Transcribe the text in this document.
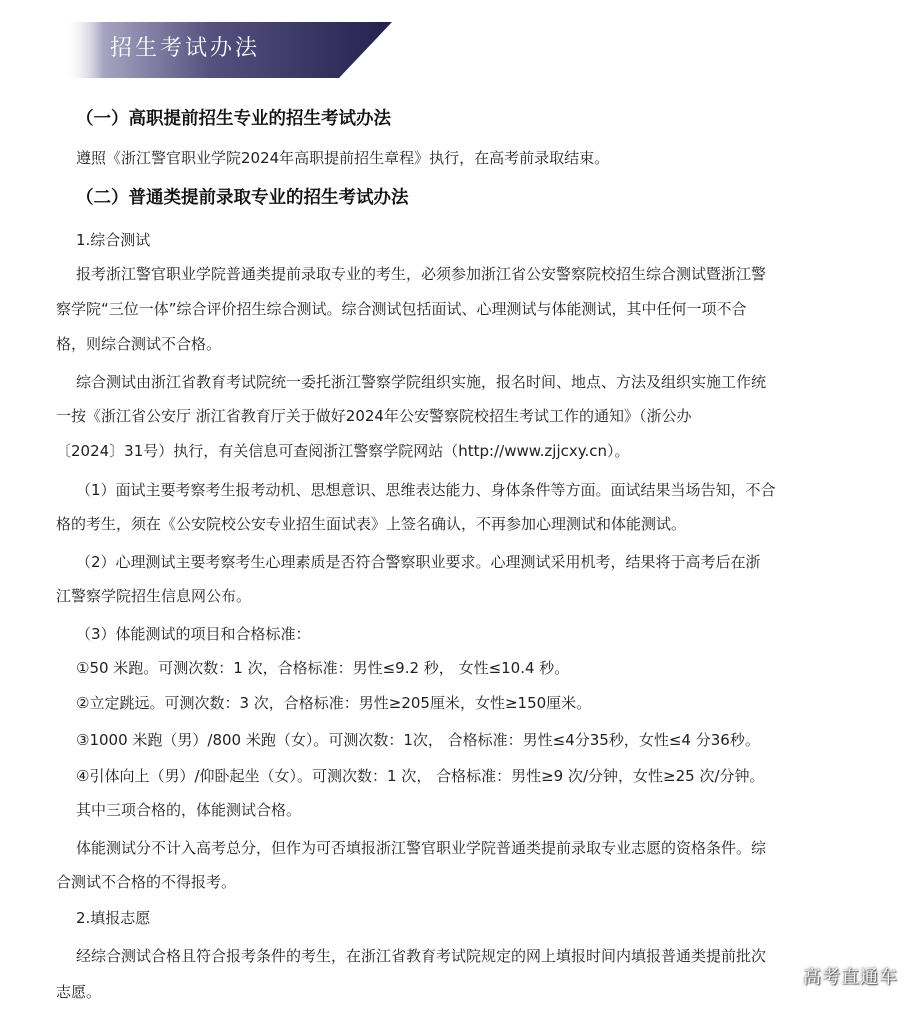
招生考试办法
（一）高职提前招生专业的招生考试办法
遵照《浙江警官职业学院2024年高职提前招生章程》执行，在高考前录取结束。
（二）普通类提前录取专业的招生考试办法
1.综合测试
报考浙江警官职业学院普通类提前录取专业的考生，必须参加浙江省公安警察院校招生综合测试暨浙江警
察学院“三位一体”综合评价招生综合测试。综合测试包括面试、心理测试与体能测试，其中任何一项不合
格，则综合测试不合格。
综合测试由浙江省教育考试院统一委托浙江警察学院组织实施，报名时间、地点、方法及组织实施工作统
一按《浙江省公安厅 浙江省教育厅关于做好2024年公安警察院校招生考试工作的通知》（浙公办
〔2024〕31号）执行，有关信息可查阅浙江警察学院网站（http://www.zjjcxy.cn）。
（1）面试主要考察考生报考动机、思想意识、思维表达能力、身体条件等方面。面试结果当场告知，不合
格的考生，须在《公安院校公安专业招生面试表》上签名确认，不再参加心理测试和体能测试。
（2）心理测试主要考察考生心理素质是否符合警察职业要求。心理测试采用机考，结果将于高考后在浙
江警察学院招生信息网公布。
（3）体能测试的项目和合格标准：
①50 米跑。可测次数：1 次，合格标准：男性≤9.2 秒， 女性≤10.4 秒。
②立定跳远。可测次数：3 次，合格标准：男性≥205厘米，女性≥150厘米。
③1000 米跑（男）/800 米跑（女）。可测次数：1次， 合格标准：男性≤4分35秒，女性≤4 分36秒。
④引体向上（男）/仰卧起坐（女）。可测次数：1 次， 合格标准：男性≥9 次/分钟，女性≥25 次/分钟。
其中三项合格的，体能测试合格。
体能测试分不计入高考总分，但作为可否填报浙江警官职业学院普通类提前录取专业志愿的资格条件。综
合测试不合格的不得报考。
2.填报志愿
经综合测试合格且符合报考条件的考生，在浙江省教育考试院规定的网上填报时间内填报普通类提前批次
志愿。
高考直通车
